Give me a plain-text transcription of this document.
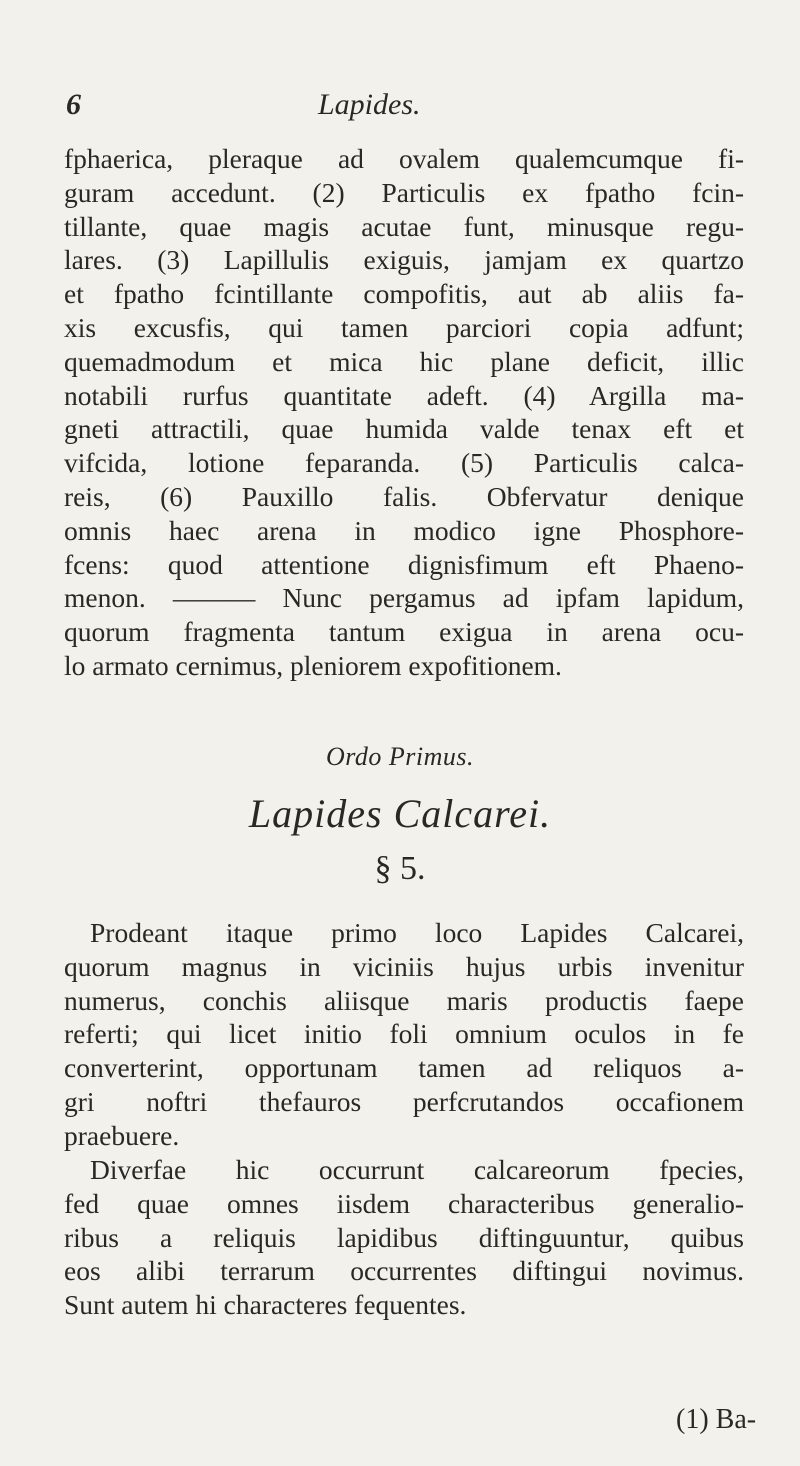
6	Lapides.

fphaerica, pleraque ad ovalem qualemcumque fi-
guram accedunt. (2) Particulis ex fpatho fcin-
tillante, quae magis acutae funt, minusque regu-
lares. (3) Lapillulis exiguis, jamjam ex quartzo
et fpatho fcintillante compofitis, aut ab aliis fa-
xis excusfis, qui tamen parciori copia adfunt;
quemadmodum et mica hic plane deficit, illic
notabili rurfus quantitate adeft. (4) Argilla ma-
gneti attractili, quae humida valde tenax eft et
vifcida, lotione feparanda. (5) Particulis calca-
reis, (6) Pauxillo falis. Obfervatur denique
omnis haec arena in modico igne Phosphore-
fcens: quod attentione dignisfimum eft Phaeno-
menon. ——— Nunc pergamus ad ipfam lapidum,
quorum fragmenta tantum exigua in arena ocu-
lo armato cernimus, pleniorem expofitionem.

Ordo Primus.
Lapides Calcarei.
§ 5.

Prodeant itaque primo loco Lapides Calcarei,
quorum magnus in viciniis hujus urbis invenitur
numerus, conchis aliisque maris productis faepe
referti; qui licet initio foli omnium oculos in fe
converterint, opportunam tamen ad reliquos a-
gri noftri thefauros perfcrutandos occafionem
praebuere.

Diverfae hic occurrunt calcareorum fpecies,
fed quae omnes iisdem characteribus generalio-
ribus a reliquis lapidibus diftinguuntur, quibus
eos alibi terrarum occurrentes diftingui novimus.
Sunt autem hi characteres fequentes.

(1) Ba-
